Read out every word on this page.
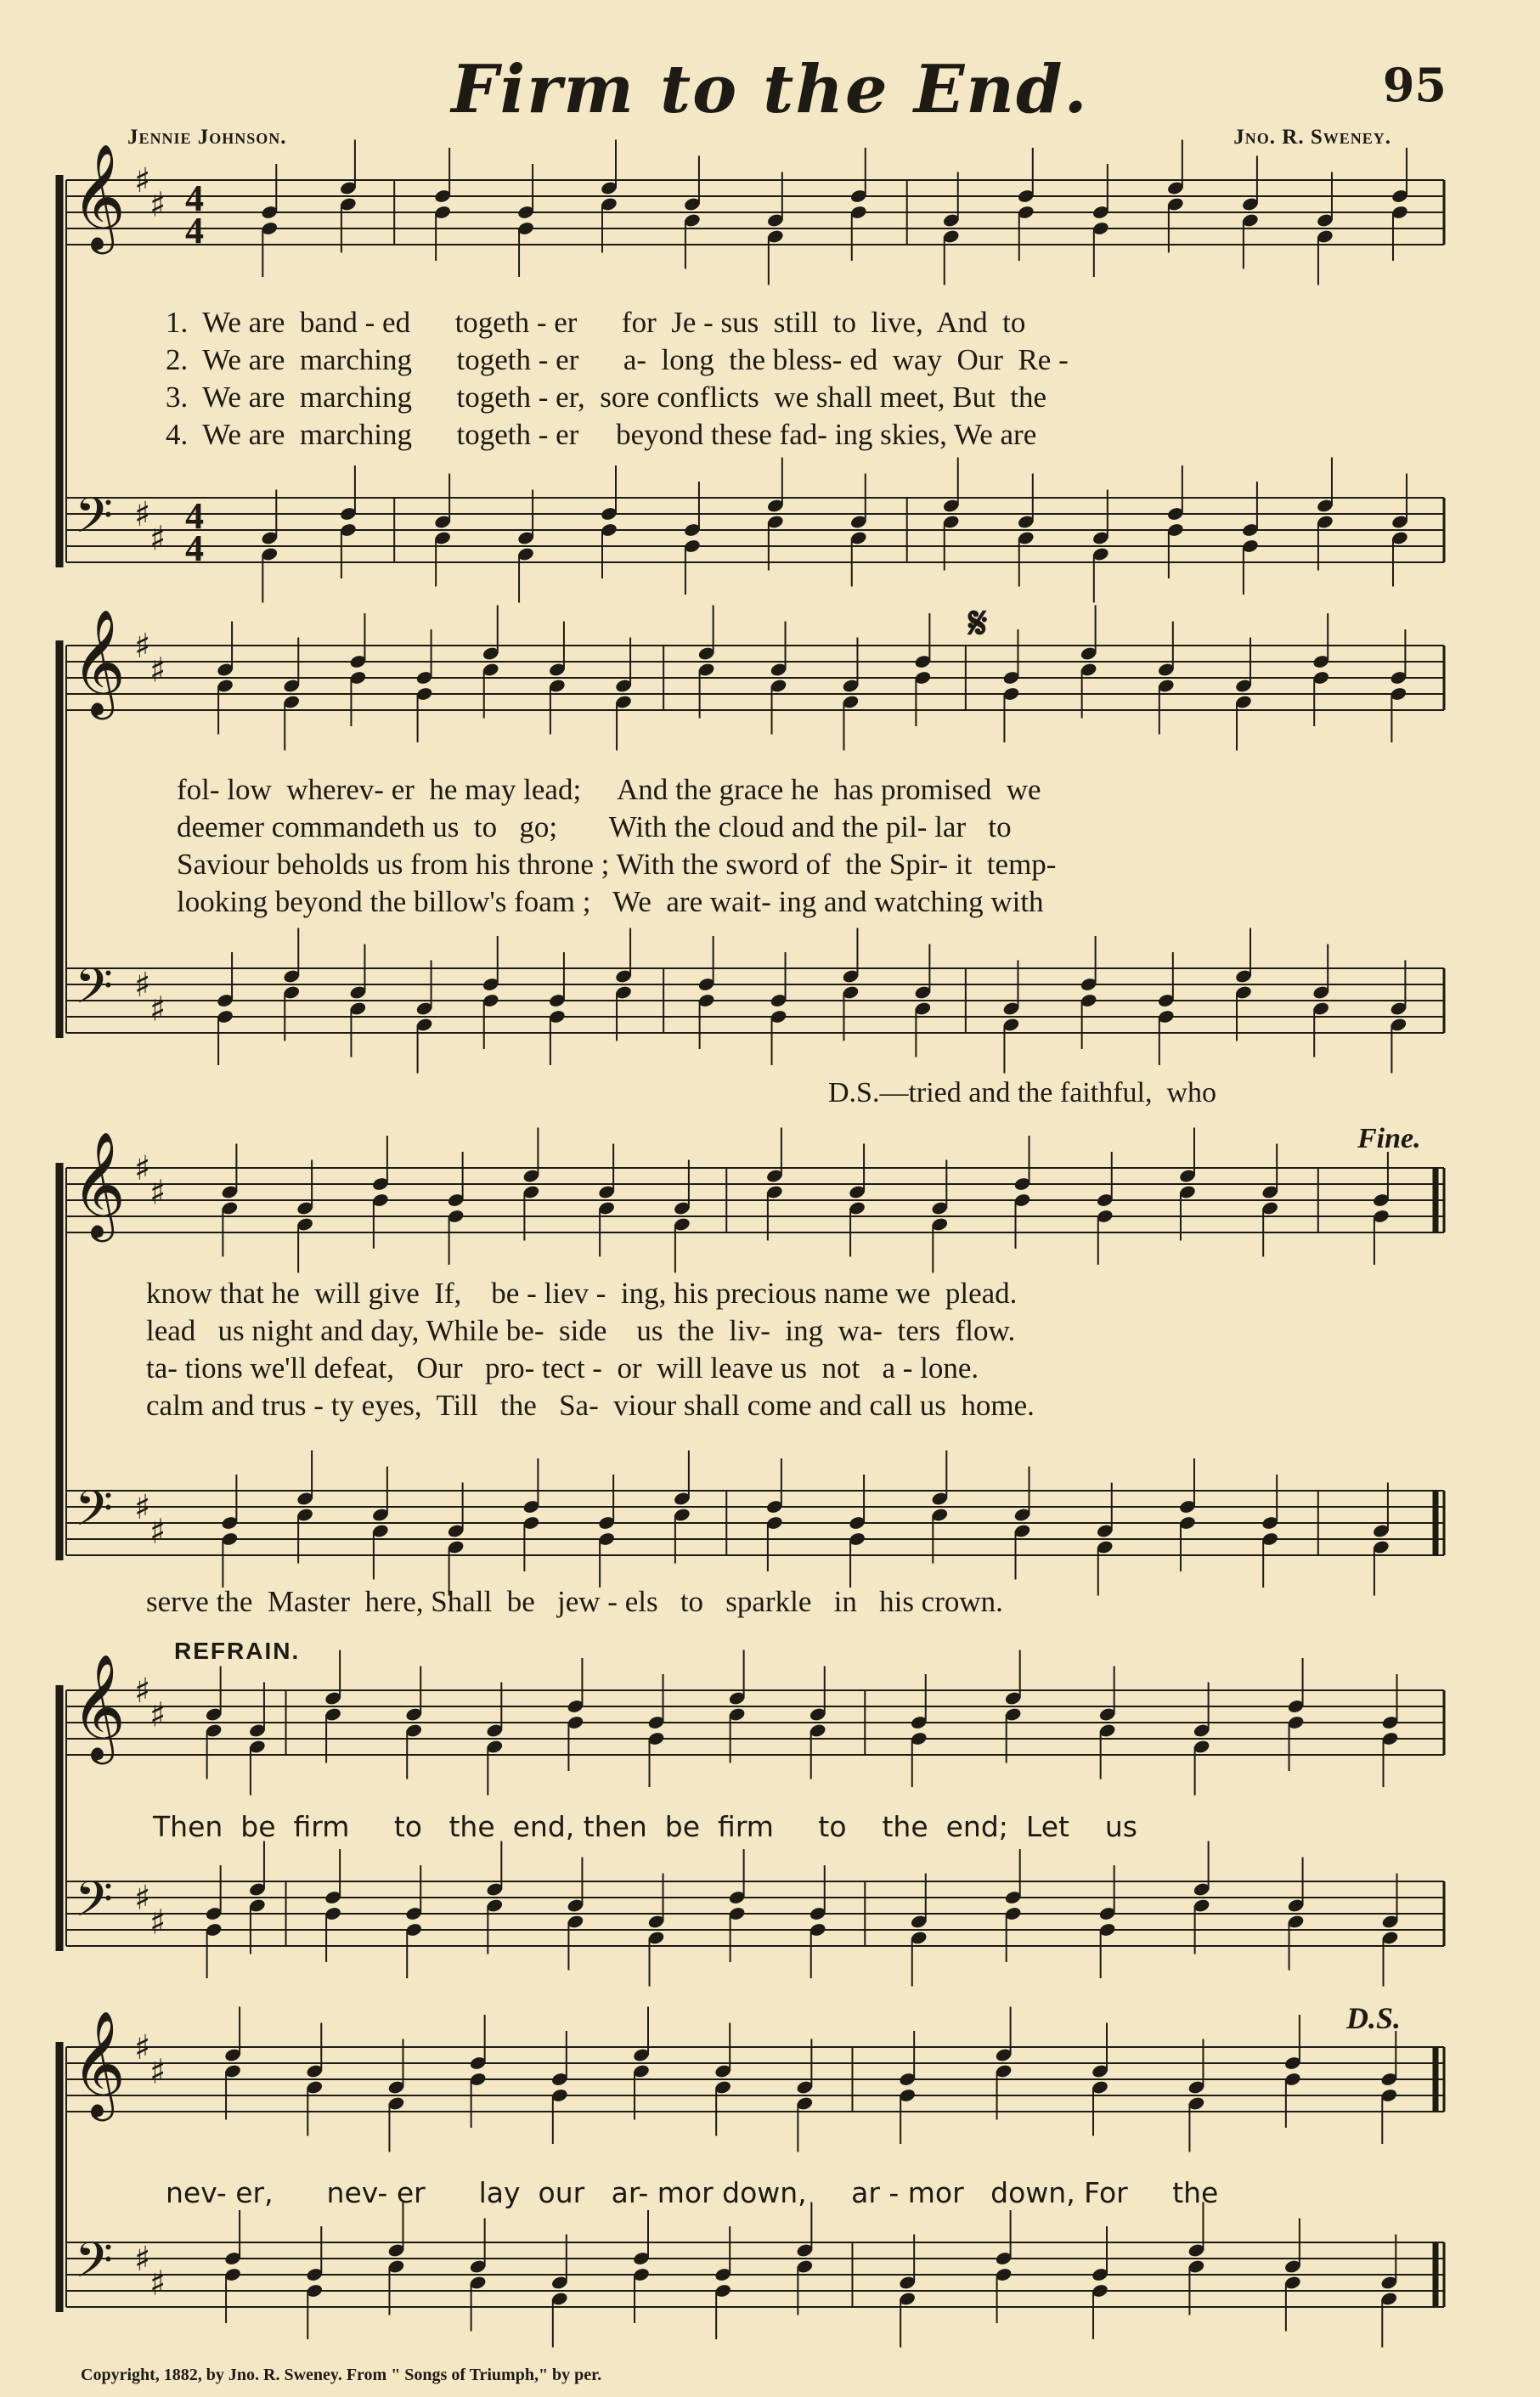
Firm to the End.	95
Jennie Johnson.	Jno. R. Sweney.
𝄞
𝄢
♯
♯
♯
♯
4
4
4
4
𝄞
𝄢
♯
♯
♯
♯
𝄞
𝄢
♯
♯
♯
♯
𝄞
𝄢
♯
♯
♯
♯
𝄞
𝄢
♯
♯
♯
♯
1.  We are  band - ed      togeth - er      for  Je - sus  still  to  live,  And  to
2.  We are  marching      togeth - er      a-  long  the bless- ed  way  Our  Re -
3.  We are  marching      togeth - er,  sore conflicts  we shall meet, But  the
4.  We are  marching      togeth - er     beyond these fad- ing skies, We are
𝄋
fol- low  wherev- er  he may lead;     And the grace he  has promised  we
deemer commandeth us  to   go;       With the cloud and the pil- lar   to
Saviour beholds us from his throne ; With the sword of  the Spir- it  temp-
looking beyond the billow's foam ;   We  are wait- ing and watching with
D.S.—tried and the faithful,  who
Fine.
know that he  will give  If,    be - liev -  ing, his precious name we  plead.
lead   us night and day, While be-  side    us  the  liv-  ing  wa-  ters  flow.
ta- tions we'll defeat,   Our   pro- tect -  or  will leave us  not   a - lone.
calm and trus - ty eyes,  Till   the   Sa-  viour shall come and call us  home.
serve the  Master  here, Shall  be   jew - els   to   sparkle   in   his crown.
REFRAIN.
Then  be  firm     to   the  end, then  be  firm     to    the  end;  Let    us
D.S.
nev- er,      nev- er      lay  our   ar- mor down,     ar - mor   down, For     the
Copyright, 1882, by Jno. R. Sweney. From " Songs of Triumph," by per.
